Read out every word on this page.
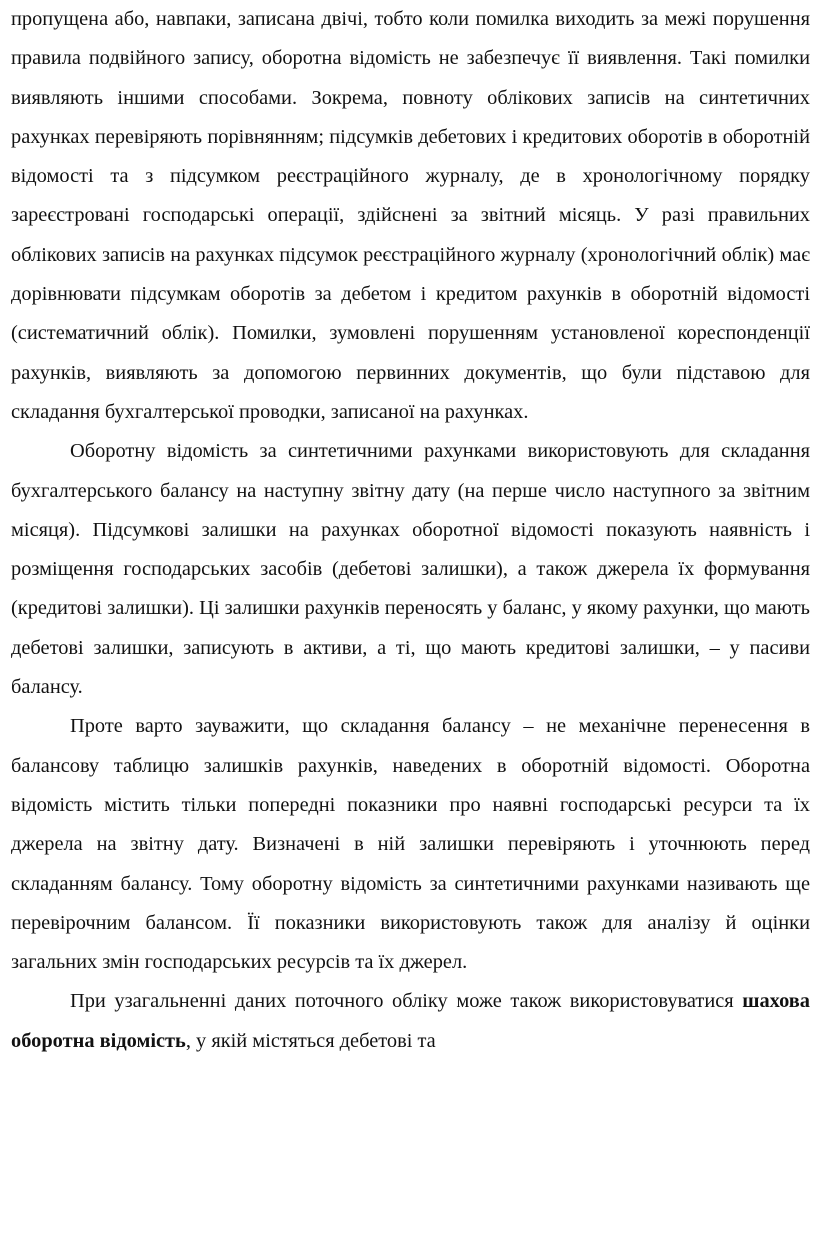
пропущена або, навпаки, записана двічі, тобто коли помилка виходить за межі порушення правила подвійного запису, оборотна відомість не забезпечує її виявлення. Такі помилки виявляють іншими способами. Зокрема, повноту облікових записів на синтетичних рахунках перевіряють порівнянням; підсумків дебетових і кредитових оборотів в оборотній відомості та з підсумком реєстраційного журналу, де в хронологічному порядку зареєстровані господарські операції, здійснені за звітний місяць. У разі правильних облікових записів на рахунках підсумок реєстраційного журналу (хронологічний облік) має дорівнювати підсумкам оборотів за дебетом і кредитом рахунків в оборотній відомості (систематичний облік). Помилки, зумовлені порушенням установленої кореспонденції рахунків, виявляють за допомогою первинних документів, що були підставою для складання бухгалтерської проводки, записаної на рахунках.

Оборотну відомість за синтетичними рахунками використовують для складання бухгалтерського балансу на наступну звітну дату (на перше число наступного за звітним місяця). Підсумкові залишки на рахунках оборотної відомості показують наявність і розміщення господарських засобів (дебетові залишки), а також джерела їх формування (кредитові залишки). Ці залишки рахунків переносять у баланс, у якому рахунки, що мають дебетові залишки, записують в активи, а ті, що мають кредитові залишки, – у пасиви балансу.

Проте варто зауважити, що складання балансу – не механічне перенесення в балансову таблицю залишків рахунків, наведених в оборотній відомості. Оборотна відомість містить тільки попередні показники про наявні господарські ресурси та їх джерела на звітну дату. Визначені в ній залишки перевіряють і уточнюють перед складанням балансу. Тому оборотну відомість за синтетичними рахунками називають ще перевірочним балансом. Її показники використовують також для аналізу й оцінки загальних змін господарських ресурсів та їх джерел.

При узагальненні даних поточного обліку може також використовуватися шахова оборотна відомість, у якій містяться дебетові та
